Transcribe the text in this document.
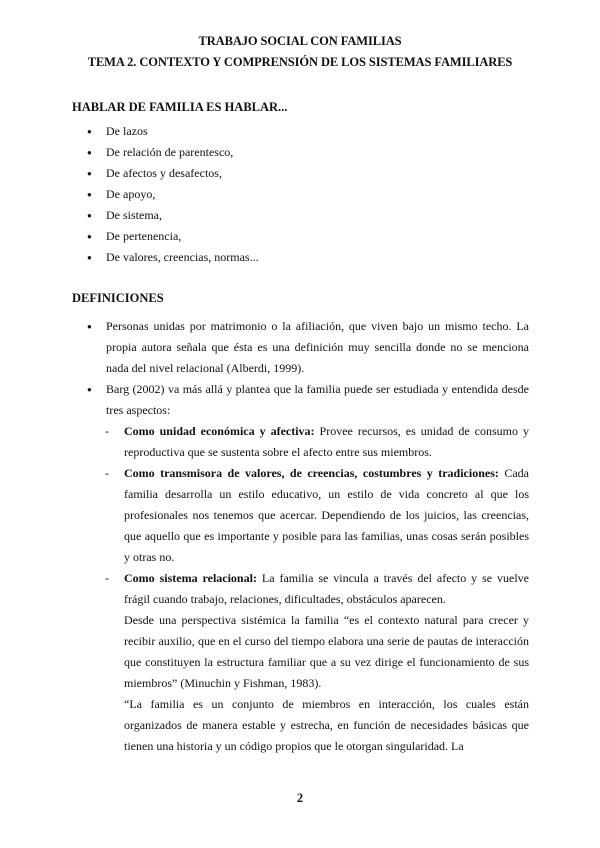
TRABAJO SOCIAL CON FAMILIAS
TEMA 2. CONTEXTO Y COMPRENSIÓN DE LOS SISTEMAS FAMILIARES
HABLAR DE FAMILIA ES HABLAR...
● De lazos
● De relación de parentesco,
● De afectos y desafectos,
● De apoyo,
● De sistema,
● De pertenencia,
● De valores, creencias, normas...
DEFINICIONES

● Personas unidas por matrimonio o la afiliación, que viven bajo un mismo techo. La propia autora señala que ésta es una definición muy sencilla donde no se menciona nada del nivel relacional (Alberdi, 1999).

● Barg (2002) va más allá y plantea que la familia puede ser estudiada y entendida desde tres aspectos:

- Como unidad económica y afectiva: Provee recursos, es unidad de consumo y reproductiva que se sustenta sobre el afecto entre sus miembros.

- Como transmisora de valores, de creencias, costumbres y tradiciones: Cada familia desarrolla un estilo educativo, un estilo de vida concreto al que los profesionales nos tenemos que acercar. Dependiendo de los juicios, las creencias, que aquello que es importante y posible para las familias, unas cosas serán posibles y otras no.

- Como sistema relacional: La familia se vincula a través del afecto y se vuelve frágil cuando trabajo, relaciones, dificultades, obstáculos aparecen.

Desde una perspectiva sistémica la familia “es el contexto natural para crecer y recibir auxilio, que en el curso del tiempo elabora una serie de pautas de interacción que constituyen la estructura familiar que a su vez dirige el funcionamiento de sus miembros” (Minuchin y Fishman, 1983).

“La familia es un conjunto de miembros en interacción, los cuales están organizados de manera estable y estrecha, en función de necesidades básicas que tienen una historia y un código propios que le otorgan singularidad. La

2
